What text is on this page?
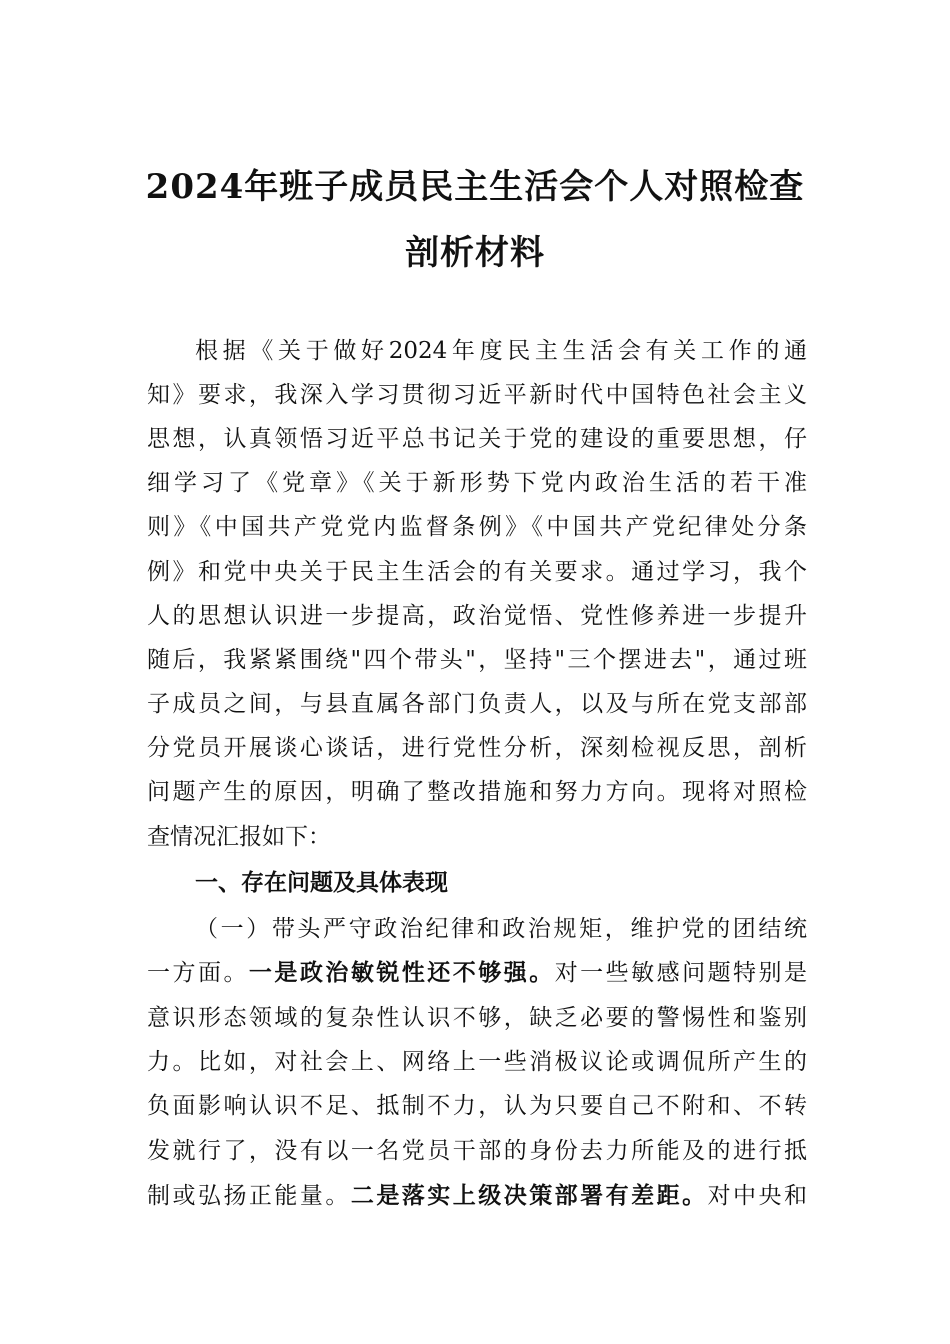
2024年班子成员民主生活会个人对照检查
剖析材料
根据《关于做好2024年度民主生活会有关工作的通
知》要求，我深入学习贯彻习近平新时代中国特色社会主义
思想，认真领悟习近平总书记关于党的建设的重要思想，仔
细学习了《党章》《关于新形势下党内政治生活的若干准
则》《中国共产党党内监督条例》《中国共产党纪律处分条
例》和党中央关于民主生活会的有关要求。通过学习，我个
人的思想认识进一步提高，政治觉悟、党性修养进一步提升
随后，我紧紧围绕"四个带头"，坚持"三个摆进去"，通过班
子成员之间，与县直属各部门负责人，以及与所在党支部部
分党员开展谈心谈话，进行党性分析，深刻检视反思，剖析
问题产生的原因，明确了整改措施和努力方向。现将对照检
查情况汇报如下：
一、存在问题及具体表现
（一）带头严守政治纪律和政治规矩，维护党的团结统
一方面。一是政治敏锐性还不够强。对一些敏感问题特别是
意识形态领域的复杂性认识不够，缺乏必要的警惕性和鉴别
力。比如，对社会上、网络上一些消极议论或调侃所产生的
负面影响认识不足、抵制不力，认为只要自己不附和、不转
发就行了，没有以一名党员干部的身份去力所能及的进行抵
制或弘扬正能量。二是落实上级决策部署有差距。对中央和
